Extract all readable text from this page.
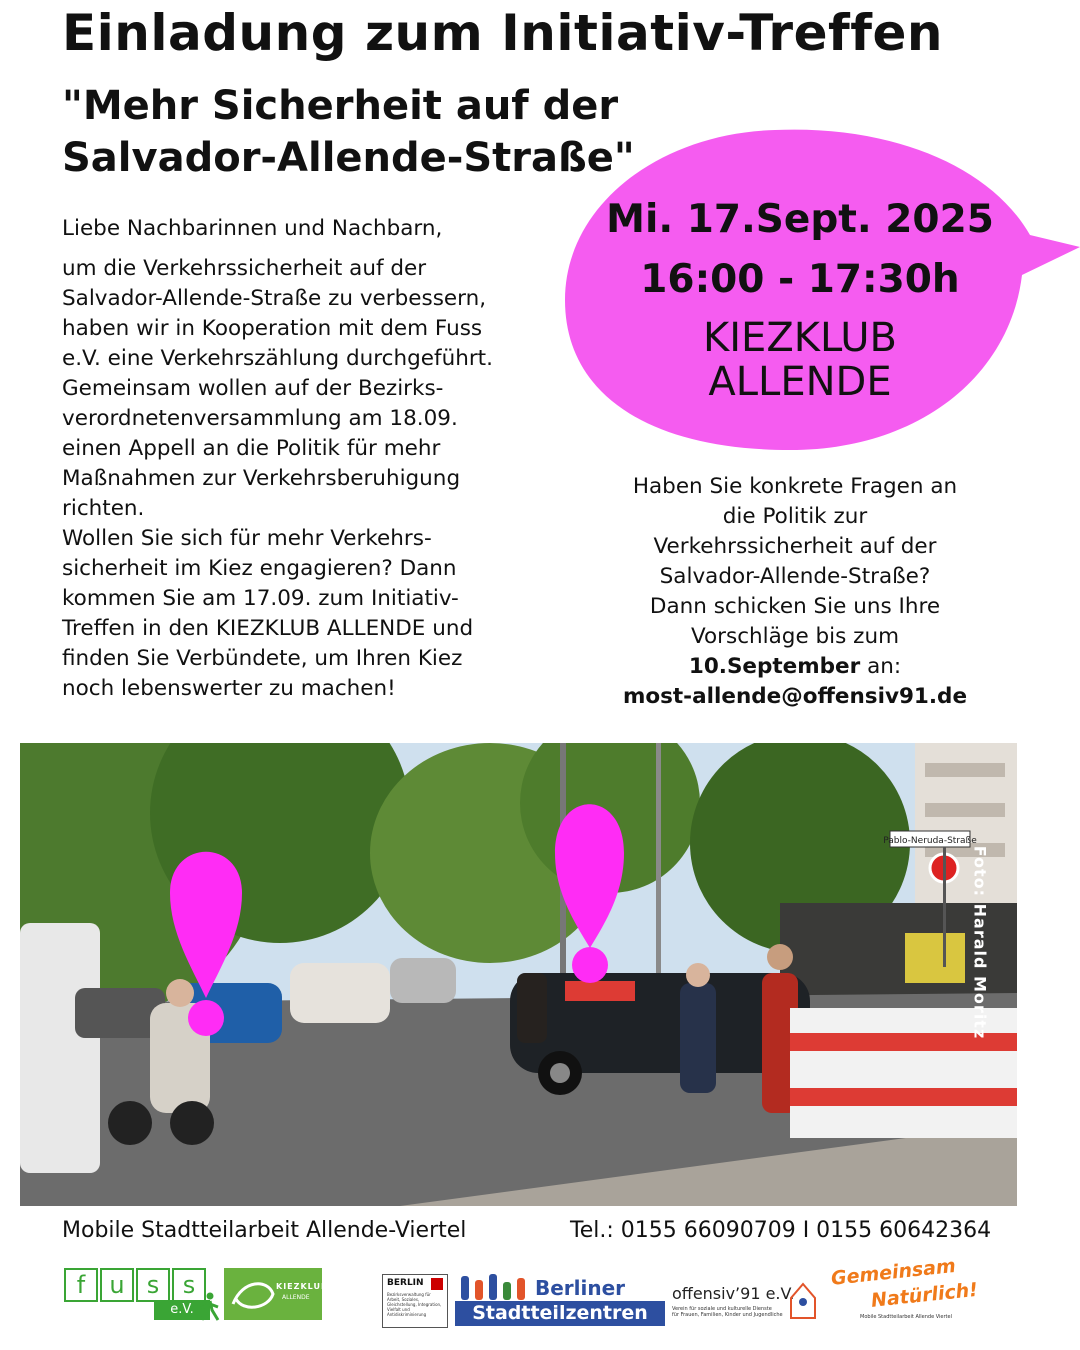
Einladung zum Initiativ-Treffen
"Mehr Sicherheit auf der
Salvador-Allende-Straße"

Liebe Nachbarinnen und Nachbarn,

um die Verkehrssicherheit auf der
Salvador-Allende-Straße zu verbessern,
haben wir in Kooperation mit dem Fuss
e.V. eine Verkehrszählung durchgeführt.
Gemeinsam wollen auf der Bezirks-
verordnetenversammlung am 18.09.
einen Appell an die Politik für mehr
Maßnahmen zur Verkehrsberuhigung
richten.
Wollen Sie sich für mehr Verkehrs-
sicherheit im Kiez engagieren? Dann
kommen Sie am 17.09. zum Initiativ-
Treffen in den KIEZKLUB ALLENDE und
finden Sie Verbündete, um Ihren Kiez
noch lebenswerter zu machen!
Mi. 17.Sept. 2025
16:00 - 17:30h
KIEZKLUB
ALLENDE
Haben Sie konkrete Fragen an
die Politik zur
Verkehrssicherheit auf der
Salvador-Allende-Straße?
Dann schicken Sie uns Ihre
Vorschläge bis zum
10.September an:
most-allende@offensiv91.de
Pablo-Neruda-Straße
Foto: Harald Moritz
Mobile Stadtteilarbeit Allende-Viertel	Tel.: 0155 66090709 I 0155 60642364
f	u s s
e.V.
KIEZKLUB
ALLENDE
BERLIN
Bezirksverwaltung für Arbeit, Soziales, Gleichstellung, Integration, Vielfalt und Antidiskriminierung
Berliner
Stadtteilzentren
offensiv’91 e.V.
Verein für soziale und kulturelle Dienste
für Frauen, Familien, Kinder und Jugendliche
Gemeinsam
Natürlich!
Mobile Stadtteilarbeit Allende Viertel
